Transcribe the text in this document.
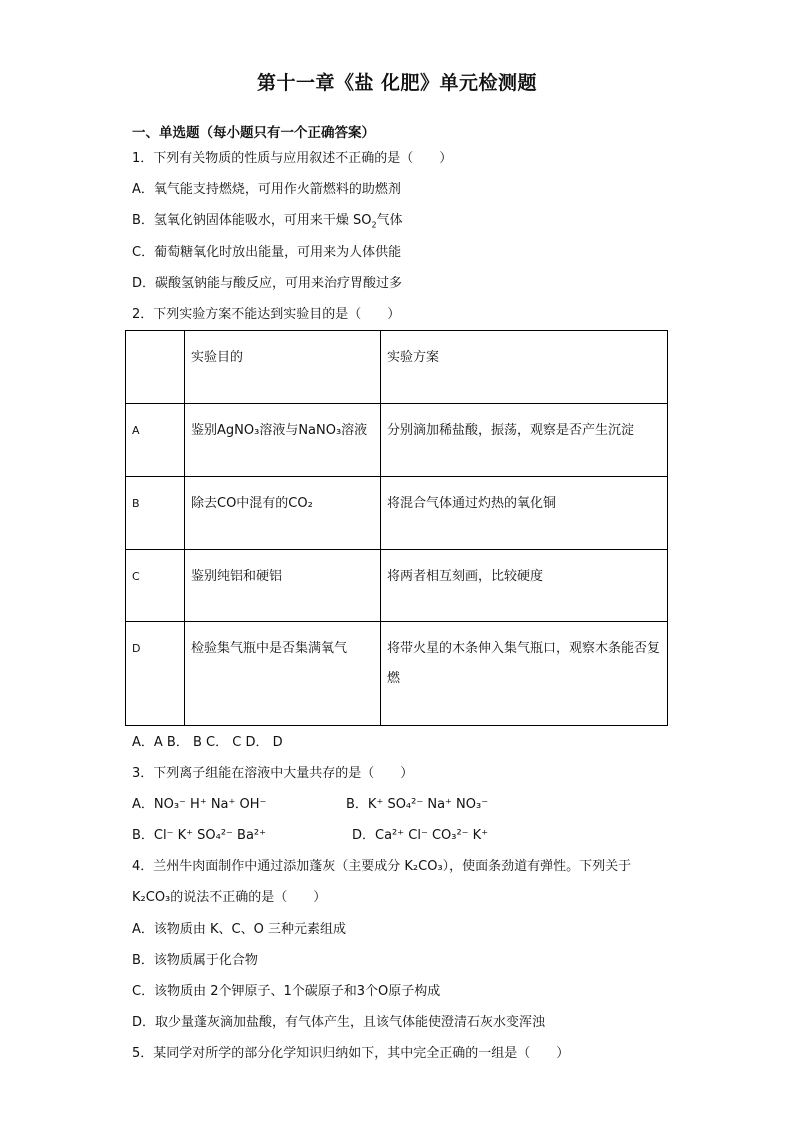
第十一章《盐 化肥》单元检测题
一、单选题（每小题只有一个正确答案）
1．下列有关物质的性质与应用叙述不正确的是（　　）
A．氧气能支持燃烧，可用作火箭燃料的助燃剂
B．氢氧化钠固体能吸水，可用来干燥 $SO_2$气体
C．葡萄糖氧化时放出能量，可用来为人体供能
D．碳酸氢钠能与酸反应，可用来治疗胃酸过多
2．下列实验方案不能达到实验目的是（　　）
	实验目的	实验方案
A	鉴别AgNO₃溶液与NaNO₃溶液	分别滴加稀盐酸，振荡，观察是否产生沉淀
B	除去CO中混有的CO₂	将混合气体通过灼热的氧化铜
C	鉴别纯铝和硬铝	将两者相互刻画，比较硬度
D	检验集气瓶中是否集满氧气	将带火星的木条伸入集气瓶口，观察木条能否复燃
A．A B． B C． C D． D
3．下列离子组能在溶液中大量共存的是（　　）
A．NO₃⁻ H⁺ Na⁺ OH⁻	B．K⁺ SO₄²⁻ Na⁺ NO₃⁻
B．Cl⁻ K⁺ SO₄²⁻ Ba²⁺	D．Ca²⁺ Cl⁻ CO₃²⁻ K⁺
4．兰州牛肉面制作中通过添加蓬灰（主要成分 K₂CO₃），使面条劲道有弹性。下列关于
K₂CO₃的说法不正确的是（　　）
A．该物质由 K、C、O 三种元素组成
B．该物质属于化合物
C．该物质由 2个钾原子、1个碳原子和3个O原子构成
D．取少量蓬灰滴加盐酸，有气体产生，且该气体能使澄清石灰水变浑浊
5．某同学对所学的部分化学知识归纳如下，其中完全正确的一组是（　　）
